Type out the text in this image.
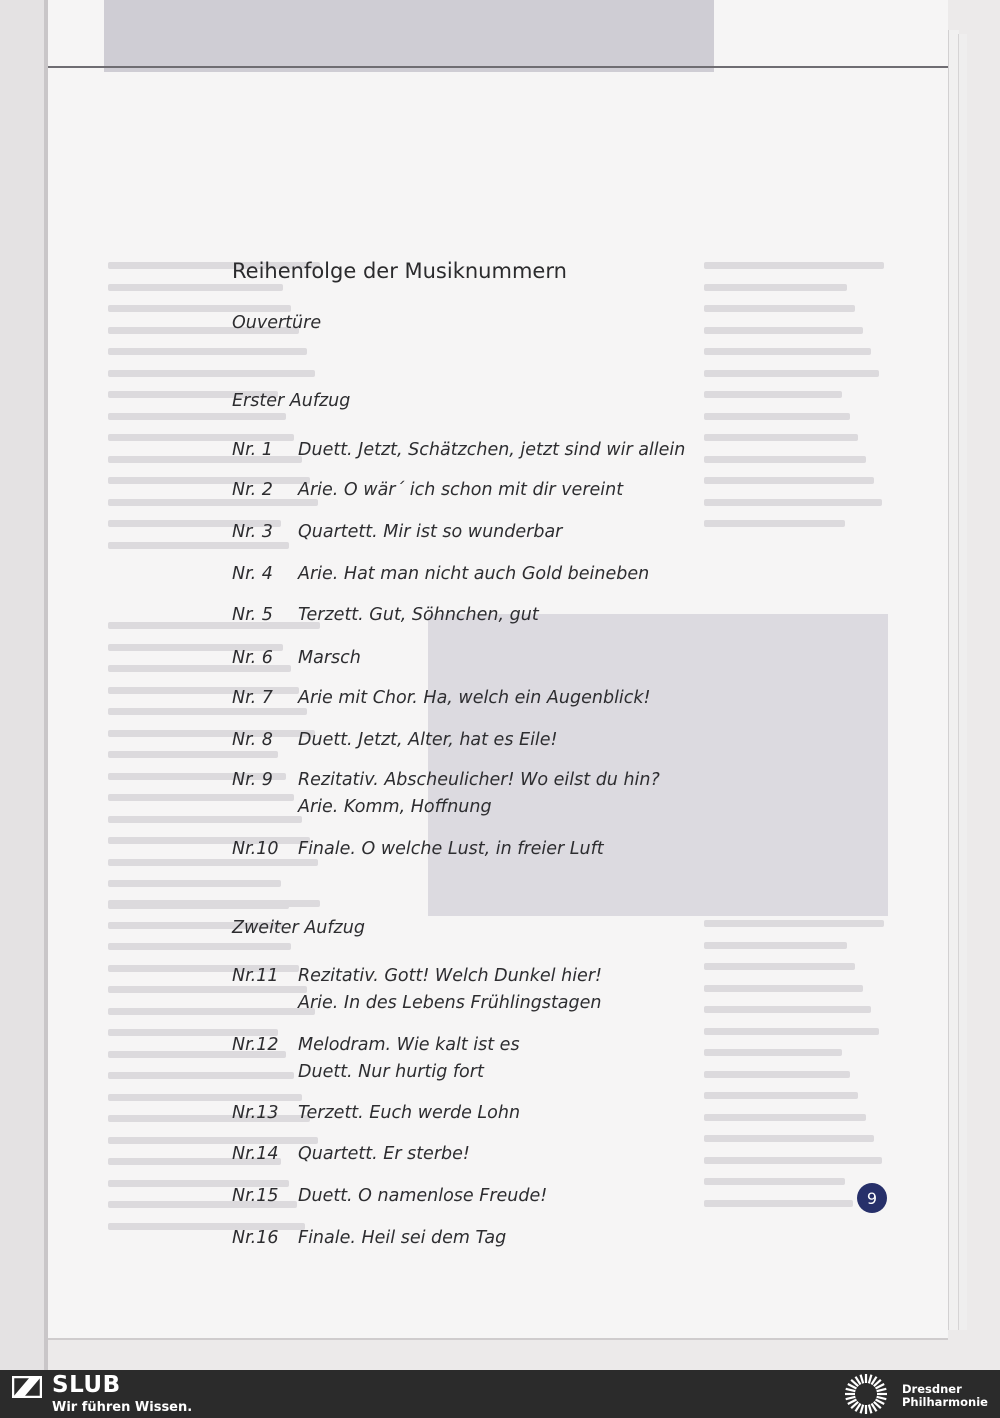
Reihenfolge der Musiknummern
Ouvertüre
Erster Aufzug
Zweiter Aufzug
Nr. 1 Duett. Jetzt, Schätzchen, jetzt sind wir allein
Nr. 2 Arie. O wär´ ich schon mit dir vereint
Nr. 3 Quartett. Mir ist so wunderbar
Nr. 4 Arie. Hat man nicht auch Gold beineben
Nr. 5 Terzett. Gut, Söhnchen, gut
Nr. 6 Marsch
Nr. 7 Arie mit Chor. Ha, welch ein Augenblick!
Nr. 8 Duett. Jetzt, Alter, hat es Eile!
Nr. 9 Rezitativ. Abscheulicher! Wo eilst du hin?
Arie. Komm, Hoffnung
Nr.10 Finale. O welche Lust, in freier Luft
Nr.11 Rezitativ. Gott! Welch Dunkel hier!
Arie. In des Lebens Frühlingstagen
Nr.12 Melodram. Wie kalt ist es
Duett. Nur hurtig fort
Nr.13 Terzett. Euch werde Lohn
Nr.14 Quartett. Er sterbe!
Nr.15 Duett. O namenlose Freude!
Nr.16 Finale. Heil sei dem Tag
9
SLUB
Wir führen Wissen.
Dresdner
Philharmonie
